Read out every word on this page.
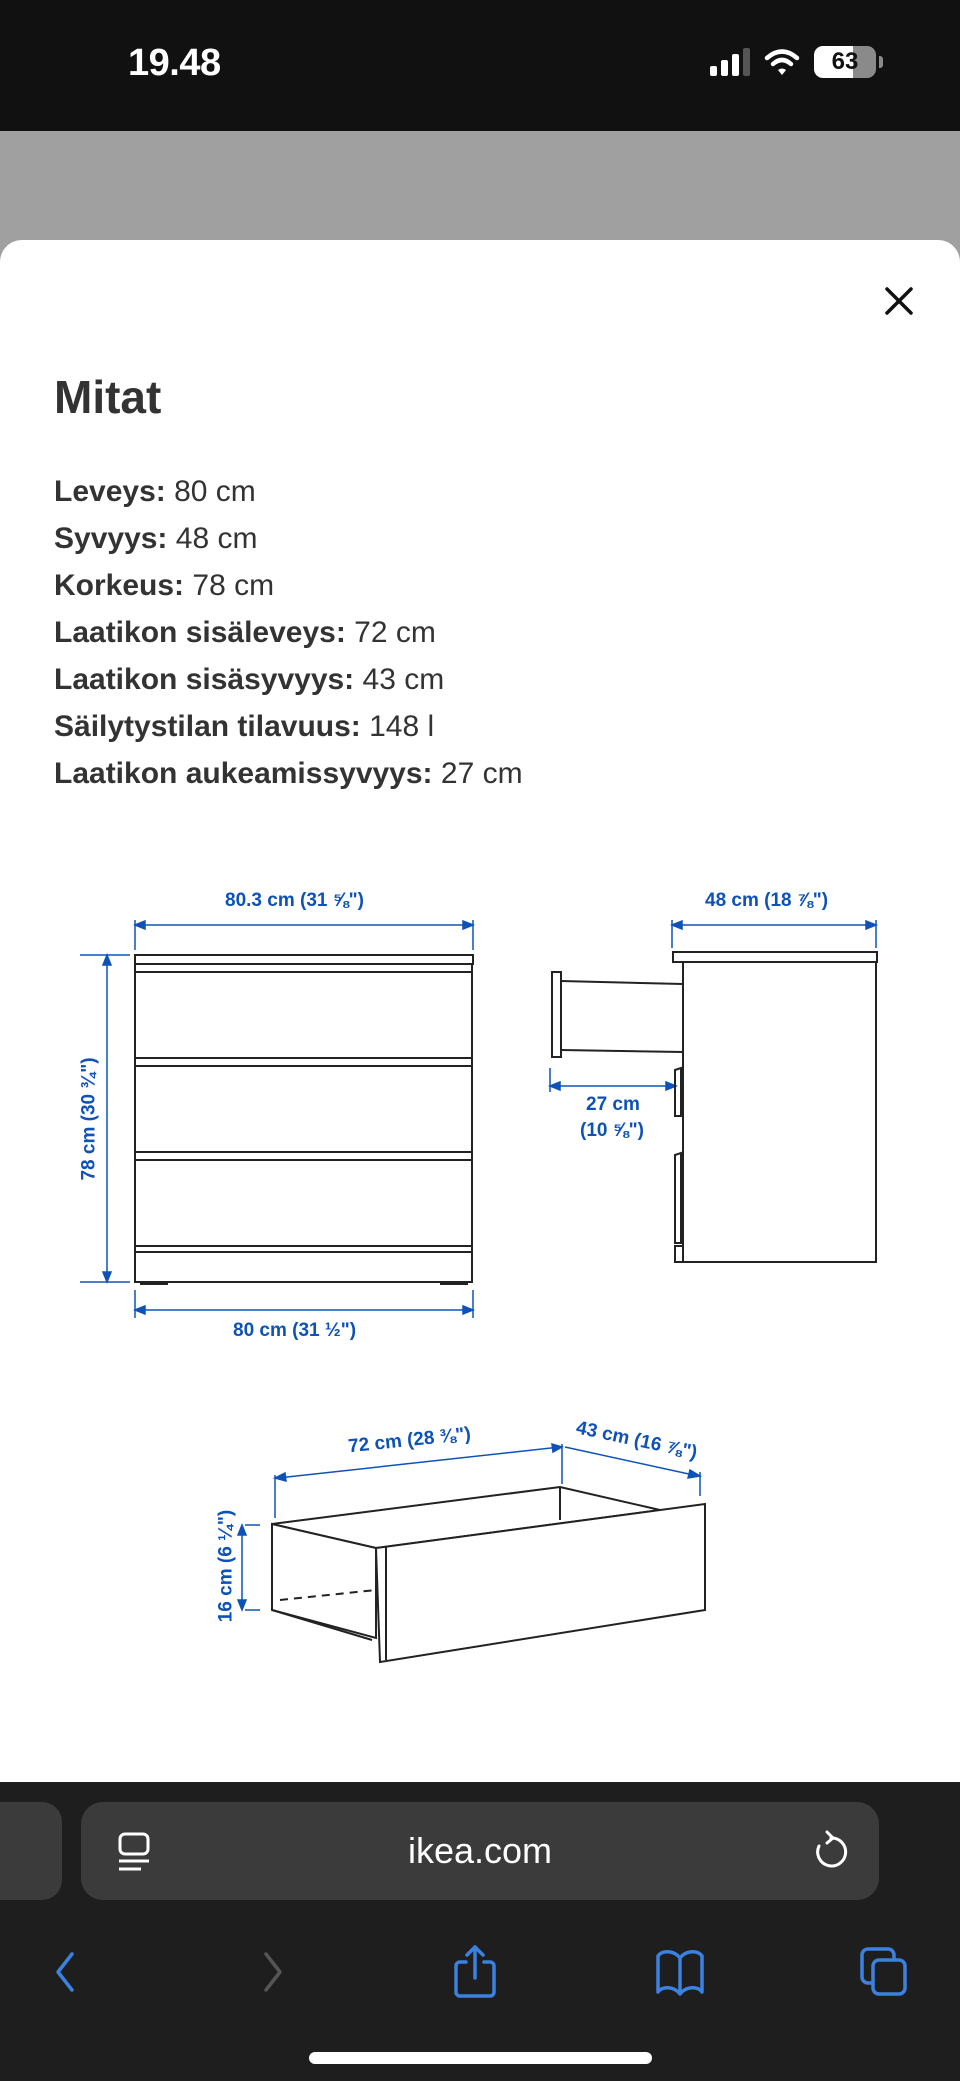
19.48	63
Mitat
Leveys: 80 cm
Syvyys: 48 cm
Korkeus: 78 cm
Laatikon sisäleveys: 72 cm
Laatikon sisäsyvyys: 43 cm
Säilytystilan tilavuus: 148 l
Laatikon aukeamissyvyys: 27 cm
80.3 cm (31 ⅝")
78 cm (30 ¾")
80 cm (31 ½")
48 cm (18 ⅞")
27 cm
(10 ⅝")
72 cm (28 ⅜")	43 cm (16 ⅞")
16 cm (6 ¼")
ikea.com
